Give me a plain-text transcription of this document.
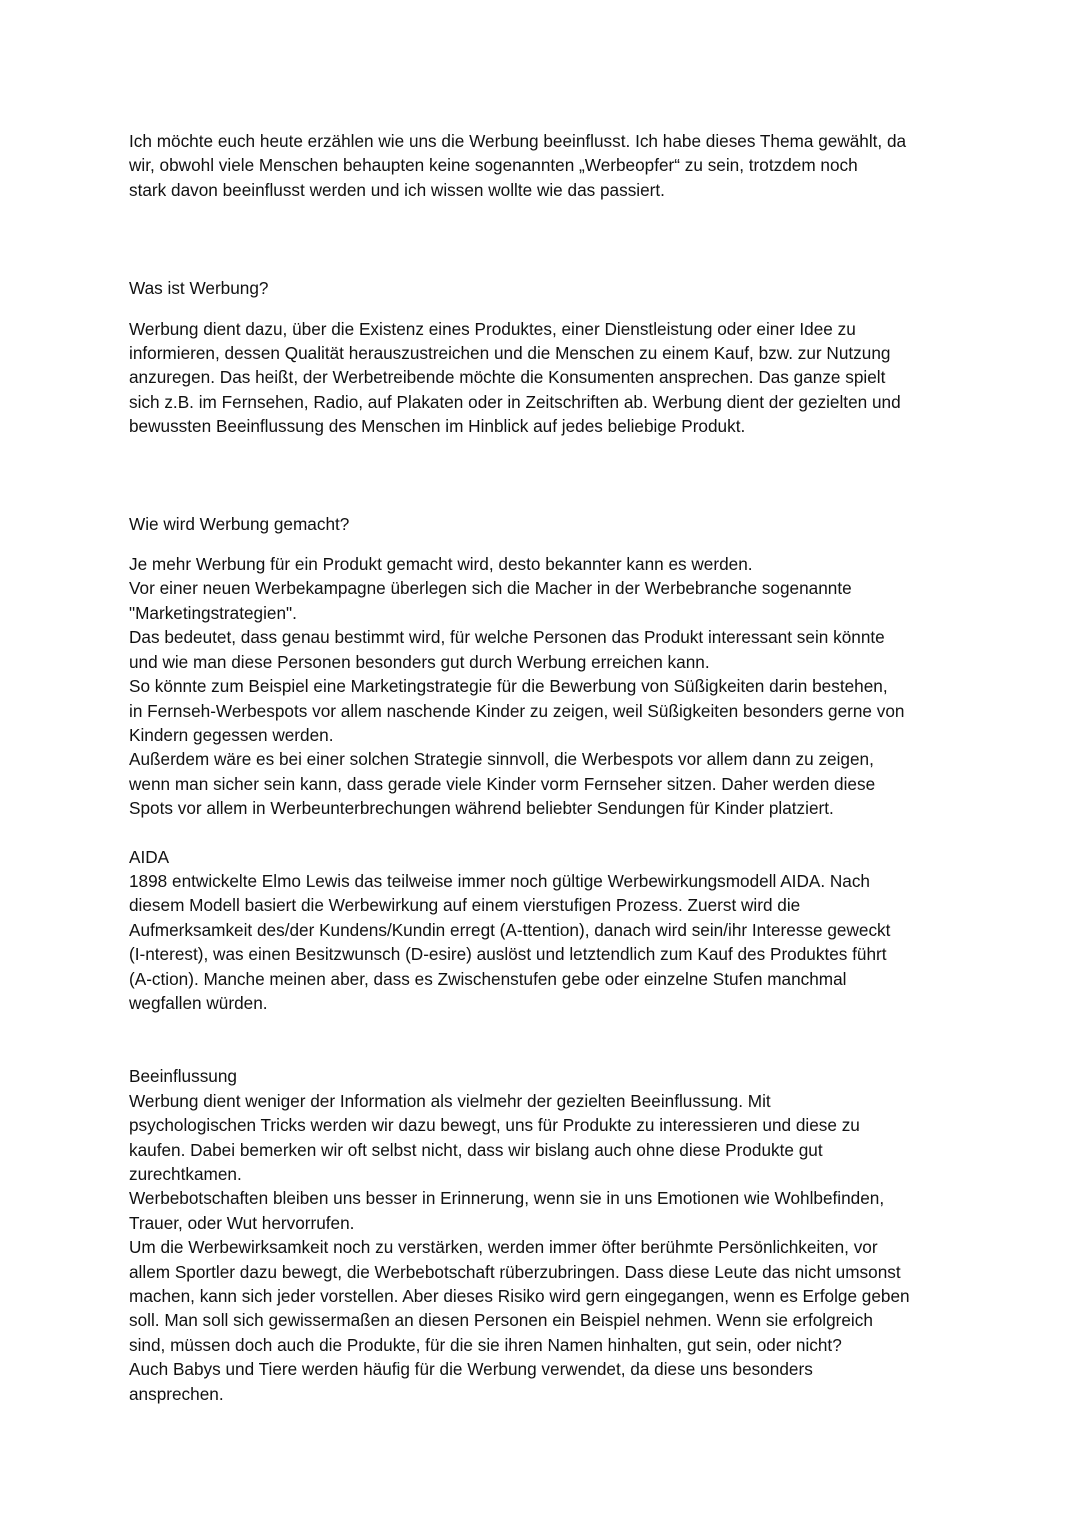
Ich möchte euch heute erzählen wie uns die Werbung beeinflusst. Ich habe dieses Thema gewählt, da
wir, obwohl viele Menschen behaupten keine sogenannten „Werbeopfer“ zu sein, trotzdem noch
stark davon beeinflusst werden und ich wissen wollte wie das passiert.
Was ist Werbung?
Werbung dient dazu, über die Existenz eines Produktes, einer Dienstleistung oder einer Idee zu
informieren, dessen Qualität herauszustreichen und die Menschen zu einem Kauf, bzw. zur Nutzung
anzuregen. Das heißt, der Werbetreibende möchte die Konsumenten ansprechen. Das ganze spielt
sich z.B. im Fernsehen, Radio, auf Plakaten oder in Zeitschriften ab. Werbung dient der gezielten und
bewussten Beeinflussung des Menschen im Hinblick auf jedes beliebige Produkt.
Wie wird Werbung gemacht?
Je mehr Werbung für ein Produkt gemacht wird, desto bekannter kann es werden.
Vor einer neuen Werbekampagne überlegen sich die Macher in der Werbebranche sogenannte
"Marketingstrategien".
Das bedeutet, dass genau bestimmt wird, für welche Personen das Produkt interessant sein könnte
und wie man diese Personen besonders gut durch Werbung erreichen kann.
So könnte zum Beispiel eine Marketingstrategie für die Bewerbung von Süßigkeiten darin bestehen,
in Fernseh-Werbespots vor allem naschende Kinder zu zeigen, weil Süßigkeiten besonders gerne von
Kindern gegessen werden.
Außerdem wäre es bei einer solchen Strategie sinnvoll, die Werbespots vor allem dann zu zeigen,
wenn man sicher sein kann, dass gerade viele Kinder vorm Fernseher sitzen. Daher werden diese
Spots vor allem in Werbeunterbrechungen während beliebter Sendungen für Kinder platziert.
AIDA
1898 entwickelte Elmo Lewis das teilweise immer noch gültige Werbewirkungsmodell AIDA. Nach
diesem Modell basiert die Werbewirkung auf einem vierstufigen Prozess. Zuerst wird die
Aufmerksamkeit des/der Kundens/Kundin erregt (A-ttention), danach wird sein/ihr Interesse geweckt
(I-nterest), was einen Besitzwunsch (D-esire) auslöst und letztendlich zum Kauf des Produktes führt
(A-ction). Manche meinen aber, dass es Zwischenstufen gebe oder einzelne Stufen manchmal
wegfallen würden.
Beeinflussung
Werbung dient weniger der Information als vielmehr der gezielten Beeinflussung. Mit
psychologischen Tricks werden wir dazu bewegt, uns für Produkte zu interessieren und diese zu
kaufen. Dabei bemerken wir oft selbst nicht, dass wir bislang auch ohne diese Produkte gut
zurechtkamen.
Werbebotschaften bleiben uns besser in Erinnerung, wenn sie in uns Emotionen wie Wohlbefinden,
Trauer, oder Wut hervorrufen.
Um die Werbewirksamkeit noch zu verstärken, werden immer öfter berühmte Persönlichkeiten, vor
allem Sportler dazu bewegt, die Werbebotschaft rüberzubringen. Dass diese Leute das nicht umsonst
machen, kann sich jeder vorstellen. Aber dieses Risiko wird gern eingegangen, wenn es Erfolge geben
soll. Man soll sich gewissermaßen an diesen Personen ein Beispiel nehmen. Wenn sie erfolgreich
sind, müssen doch auch die Produkte, für die sie ihren Namen hinhalten, gut sein, oder nicht?
Auch Babys und Tiere werden häufig für die Werbung verwendet, da diese uns besonders
ansprechen.
